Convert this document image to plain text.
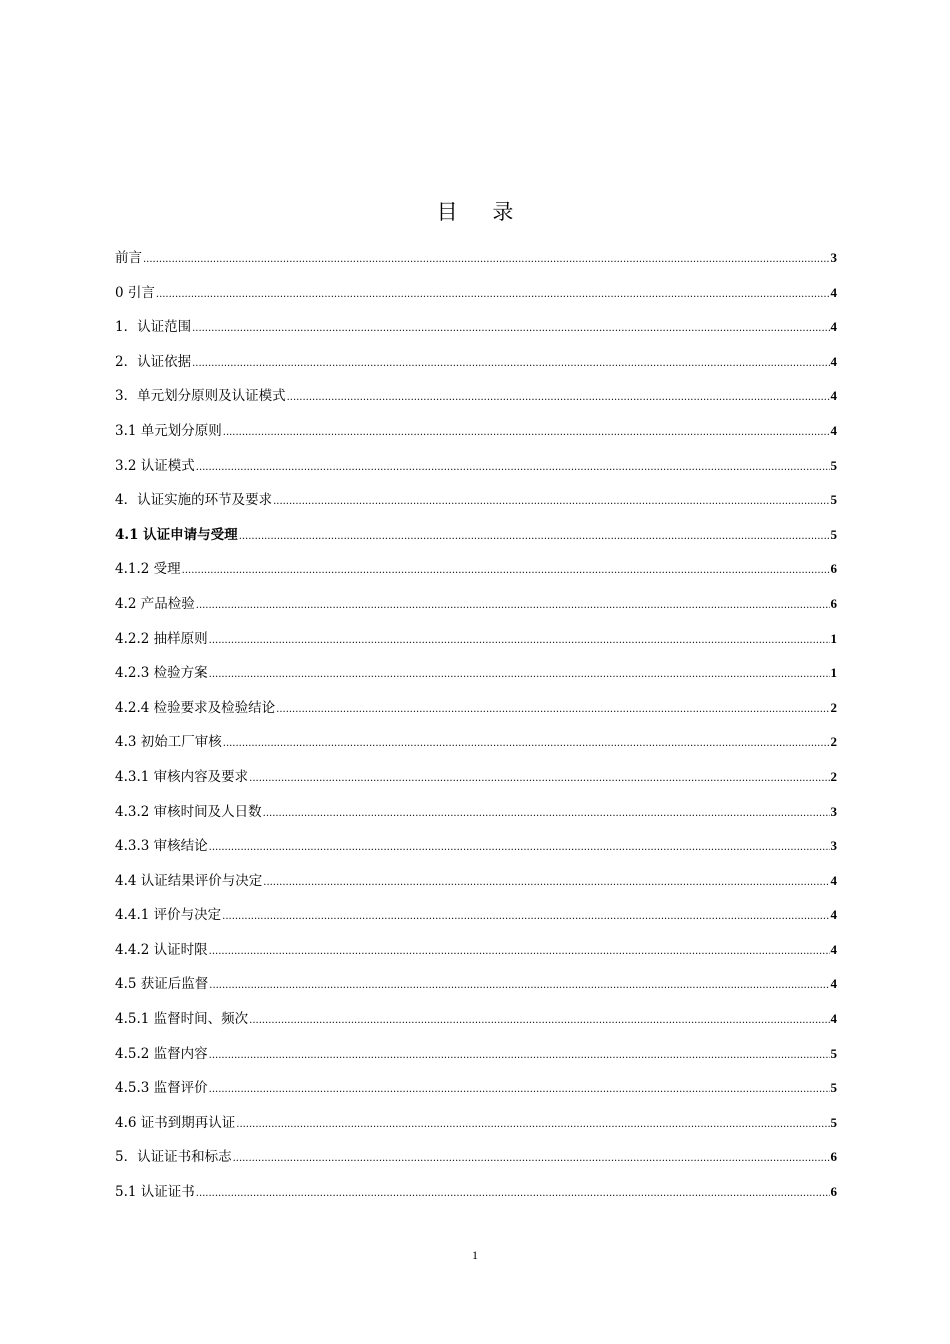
目 录
前言 .....	3
0 引言 .....	4
1．认证范围 .....	4
2．认证依据 .....	4
3．单元划分原则及认证模式 .....	4
3.1 单元划分原则 .....	4
3.2 认证模式 .....	5
4．认证实施的环节及要求 .....	5
4.1 认证申请与受理 .....	5
4.1.2 受理 .....	6
4.2 产品检验 .....	6
4.2.2 抽样原则 .....	1
4.2.3 检验方案 .....	1
4.2.4 检验要求及检验结论 .....	2
4.3 初始工厂审核 .....	2
4.3.1 审核内容及要求 .....	2
4.3.2 审核时间及人日数 .....	3
4.3.3 审核结论 .....	3
4.4 认证结果评价与决定 .....	4
4.4.1 评价与决定 .....	4
4.4.2 认证时限 .....	4
4.5 获证后监督 .....	4
4.5.1 监督时间、频次 .....	4
4.5.2 监督内容 .....	5
4.5.3 监督评价 .....	5
4.6 证书到期再认证 .....	5
5．认证证书和标志 .....	6
5.1 认证证书 .....	6
1
